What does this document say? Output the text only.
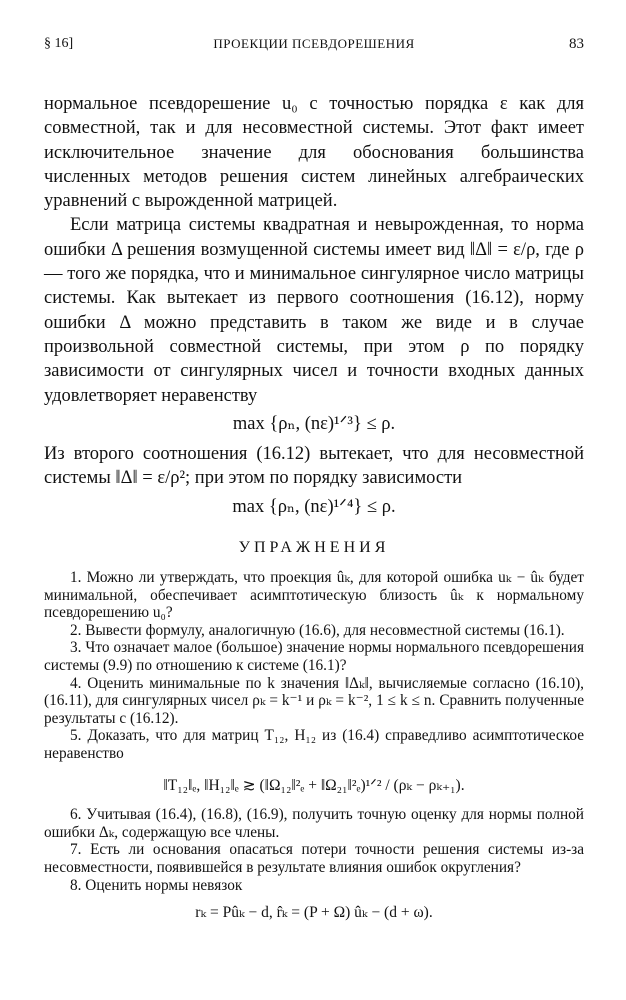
§ 16]	ПРОЕКЦИИ ПСЕВДОРЕШЕНИЯ	83

нормальное псевдорешение u₀ с точностью порядка ε как для совместной, так и для несовместной системы. Этот факт имеет исключительное значение для обоснования большинства численных методов решения систем линейных алгебраических уравнений с вырожденной матрицей.

Если матрица системы квадратная и невырожденная, то норма ошибки Δ решения возмущенной системы имеет вид ‖Δ‖ = ε/ρ, где ρ — того же порядка, что и минимальное сингулярное число матрицы системы. Как вытекает из первого соотношения (16.12), норму ошибки Δ можно представить в таком же виде и в случае произвольной совместной системы, при этом ρ по порядку зависимости от сингулярных чисел и точности входных данных удовлетворяет неравенству

max {ρₙ, (nε)¹ᐟ³} ≤ ρ.

Из второго соотношения (16.12) вытекает, что для несовместной системы ‖Δ‖ = ε/ρ²; при этом по порядку зависимости

max {ρₙ, (nε)¹ᐟ⁴} ≤ ρ.
УПРАЖНЕНИЯ

1. Можно ли утверждать, что проекция ûₖ, для которой ошибка uₖ − ûₖ будет минимальной, обеспечивает асимптотическую близость ûₖ к нормальному псевдорешению u₀?

2. Вывести формулу, аналогичную (16.6), для несовместной системы (16.1).

3. Что означает малое (большое) значение нормы нормального псевдорешения системы (9.9) по отношению к системе (16.1)?

4. Оценить минимальные по k значения ‖Δₖ‖, вычисляемые согласно (16.10), (16.11), для сингулярных чисел ρₖ = k⁻¹ и ρₖ = k⁻², 1 ≤ k ≤ n. Сравнить полученные результаты с (16.12).

5. Доказать, что для матриц T₁₂, H₁₂ из (16.4) справедливо асимптотическое неравенство

‖T₁₂‖ₑ, ‖H₁₂‖ₑ ≳ (‖Ω₁₂‖²ₑ + ‖Ω₂₁‖²ₑ)¹ᐟ² / (ρₖ − ρₖ₊₁).

6. Учитывая (16.4), (16.8), (16.9), получить точную оценку для нормы полной ошибки Δₖ, содержащую все члены.

7. Есть ли основания опасаться потери точности решения системы из-за несовместности, появившейся в результате влияния ошибок округления?

8. Оценить нормы невязок

rₖ = Pûₖ − d, r̂ₖ = (P + Ω) ûₖ − (d + ω).
